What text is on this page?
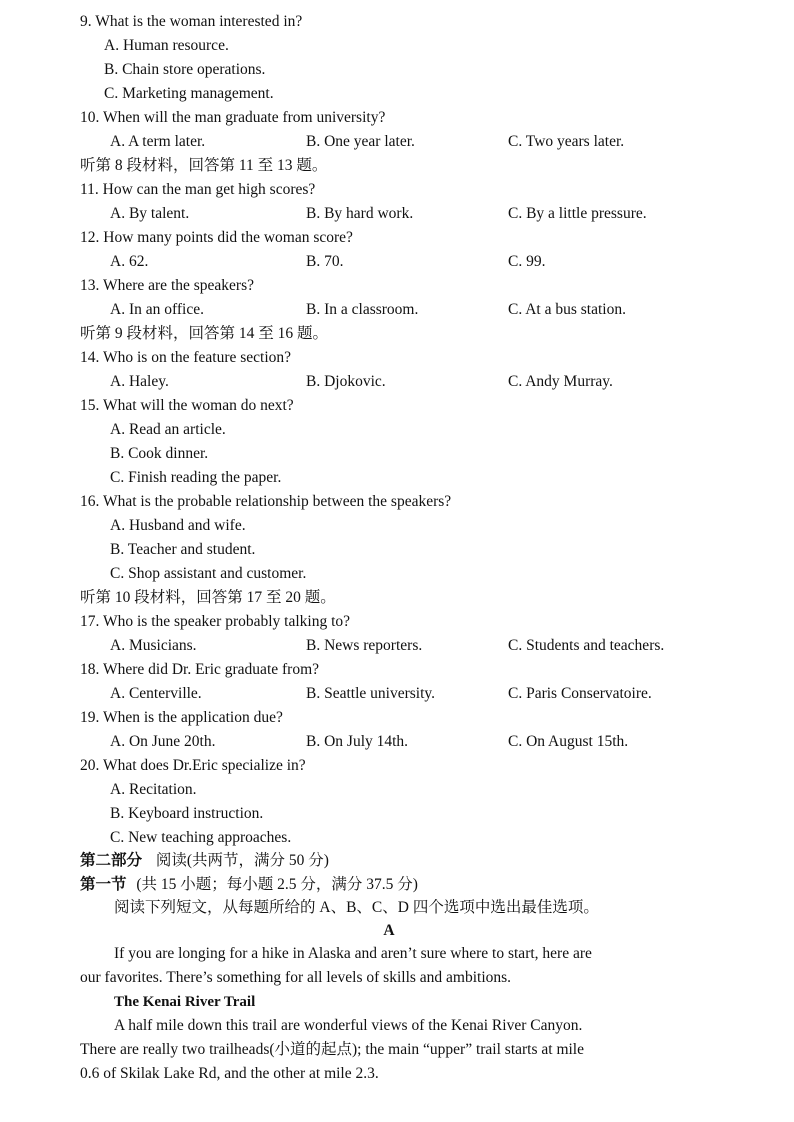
9. What is the woman interested in?
A. Human resource.
B. Chain store operations.
C. Marketing management.
10. When will the man graduate from university?
A. A term later.	B. One year later.	C. Two years later.
听第 8 段材料，回答第 11 至 13 题。
11. How can the man get high scores?
A. By talent.	B. By hard work.	C. By a little pressure.
12. How many points did the woman score?
A. 62.	B. 70.	C. 99.
13. Where are the speakers?
A. In an office.	B. In a classroom.	C. At a bus station.
听第 9 段材料，回答第 14 至 16 题。
14. Who is on the feature section?
A. Haley.	B. Djokovic.	C. Andy Murray.
15. What will the woman do next?
A. Read an article.
B. Cook dinner.
C. Finish reading the paper.
16. What is the probable relationship between the speakers?
A. Husband and wife.
B. Teacher and student.
C. Shop assistant and customer.
听第 10 段材料，回答第 17 至 20 题。
17. Who is the speaker probably talking to?
A. Musicians.	B. News reporters.	C. Students and teachers.
18. Where did Dr. Eric graduate from?
A. Centerville.	B. Seattle university.	C. Paris Conservatoire.
19. When is the application due?
A. On June 20th.	B. On July 14th.	C. On August 15th.
20. What does Dr.Eric specialize in?
A. Recitation.
B. Keyboard instruction.
C. New teaching approaches.
第二部分 阅读(共两节，满分 50 分)
第一节 (共 15 小题；每小题 2.5 分，满分 37.5 分)
阅读下列短文，从每题所给的 A、B、C、D 四个选项中选出最佳选项。
A
If you are longing for a hike in Alaska and aren’t sure where to start, here are
our favorites. There’s something for all levels of skills and ambitions.
The Kenai River Trail
A half mile down this trail are wonderful views of the Kenai River Canyon.
There are really two trailheads(小道的起点); the main “upper” trail starts at mile
0.6 of Skilak Lake Rd, and the other at mile 2.3.
